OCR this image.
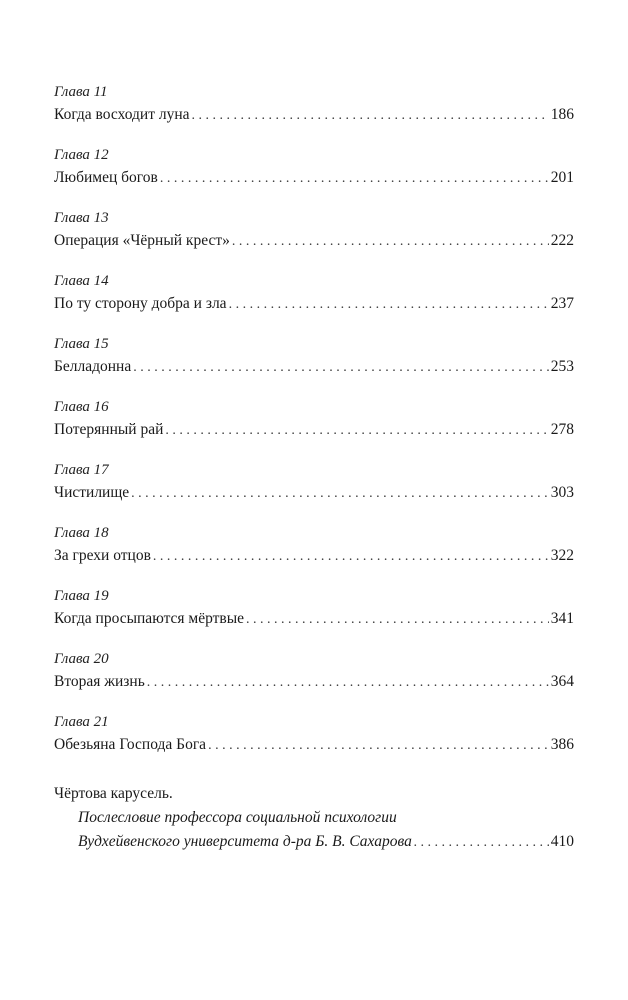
Глава 11
Когда восходит луна . . .	186
Глава 12
Любимец богов . . .	201
Глава 13
Операция «Чёрный крест» . . .	222
Глава 14
По ту сторону добра и зла . . .	237
Глава 15
Белладонна . . .	253
Глава 16
Потерянный рай . . .	278
Глава 17
Чистилище . . .	303
Глава 18
За грехи отцов . . .	322
Глава 19
Когда просыпаются мёртвые . . .	341
Глава 20
Вторая жизнь . . .	364
Глава 21
Обезьяна Господа Бога . . .	386
Чёртова карусель.
Послесловие профессора социальной психологии
Вудхейвенского университета д-ра Б. В. Сахарова . . .	410
